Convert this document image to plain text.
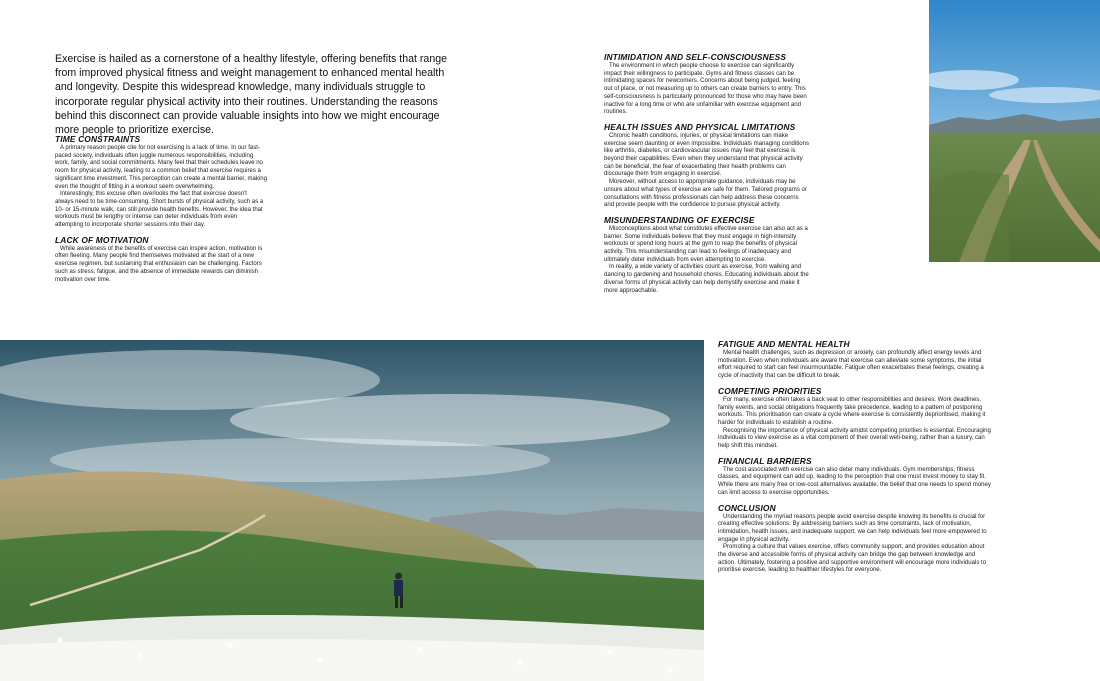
Exercise is hailed as a cornerstone of a healthy lifestyle, offering benefits that range from improved physical fitness and weight management to enhanced mental health and longevity. Despite this widespread knowledge, many individuals struggle to incorporate regular physical activity into their routines. Understanding the reasons behind this disconnect can provide valuable insights into how we might encourage more people to prioritize exercise.
TIME CONSTRAINTS

A primary reason people cite for not exercising is a lack of time. In our fast-paced society, individuals often juggle numerous responsibilities, including work, family, and social commitments. Many feel that their schedules leave no room for physical activity, leading to a common belief that exercise requires a significant time investment. This perception can create a mental barrier, making even the thought of fitting in a workout seem overwhelming.

Interestingly, this excuse often overlooks the fact that exercise doesn't always need to be time-consuming. Short bursts of physical activity, such as a 10- or 15-minute walk, can still provide health benefits. However, the idea that workouts must be lengthy or intense can deter individuals from even attempting to incorporate shorter sessions into their day.

LACK OF MOTIVATION

While awareness of the benefits of exercise can inspire action, motivation is often fleeting. Many people find themselves motivated at the start of a new exercise regimen, but sustaining that enthusiasm can be challenging. Factors such as stress, fatigue, and the absence of immediate rewards can diminish motivation over time.

INTIMIDATION AND SELF-CONSCIOUSNESS

The environment in which people choose to exercise can significantly impact their willingness to participate. Gyms and fitness classes can be intimidating spaces for newcomers. Concerns about being judged, feeling out of place, or not measuring up to others can create barriers to entry. This self-consciousness is particularly pronounced for those who may have been inactive for a long time or who are unfamiliar with exercise equipment and routines.

HEALTH ISSUES AND PHYSICAL LIMITATIONS

Chronic health conditions, injuries, or physical limitations can make exercise seem daunting or even impossible. Individuals managing conditions like arthritis, diabetes, or cardiovascular issues may feel that exercise is beyond their capabilities. Even when they understand that physical activity can be beneficial, the fear of exacerbating their health problems can discourage them from engaging in exercise.

Moreover, without access to appropriate guidance, individuals may be unsure about what types of exercise are safe for them. Tailored programs or consultations with fitness professionals can help address these concerns and provide people with the confidence to pursue physical activity.

MISUNDERSTANDING OF EXERCISE

Misconceptions about what constitutes effective exercise can also act as a barrier. Some individuals believe that they must engage in high-intensity workouts or spend long hours at the gym to reap the benefits of physical activity. This misunderstanding can lead to feelings of inadequacy and ultimately deter individuals from even attempting to exercise.

In reality, a wide variety of activities count as exercise, from walking and dancing to gardening and household chores. Educating individuals about the diverse forms of physical activity can help demystify exercise and make it more approachable.

FATIGUE AND MENTAL HEALTH

Mental health challenges, such as depression or anxiety, can profoundly affect energy levels and motivation. Even when individuals are aware that exercise can alleviate some symptoms, the initial effort required to start can feel insurmountable. Fatigue often exacerbates these feelings, creating a cycle of inactivity that can be difficult to break.

COMPETING PRIORITIES

For many, exercise often takes a back seat to other responsibilities and desires. Work deadlines, family events, and social obligations frequently take precedence, leading to a pattern of postponing workouts. This prioritisation can create a cycle where exercise is consistently deprioritised, making it harder for individuals to establish a routine.

Recognising the importance of physical activity amidst competing priorities is essential. Encouraging individuals to view exercise as a vital component of their overall well-being, rather than a luxury, can help shift this mindset.

FINANCIAL BARRIERS

The cost associated with exercise can also deter many individuals. Gym memberships, fitness classes, and equipment can add up, leading to the perception that one must invest money to stay fit. While there are many free or low-cost alternatives available, the belief that one needs to spend money can limit access to exercise opportunities.

CONCLUSION

Understanding the myriad reasons people avoid exercise despite knowing its benefits is crucial for creating effective solutions. By addressing barriers such as time constraints, lack of motivation, intimidation, health issues, and inadequate support, we can help individuals feel more empowered to engage in physical activity.

Promoting a culture that values exercise, offers community support, and provides education about the diverse and accessible forms of physical activity can bridge the gap between knowledge and action. Ultimately, fostering a positive and supportive environment will encourage more individuals to prioritise exercise, leading to healthier lifestyles for everyone.
